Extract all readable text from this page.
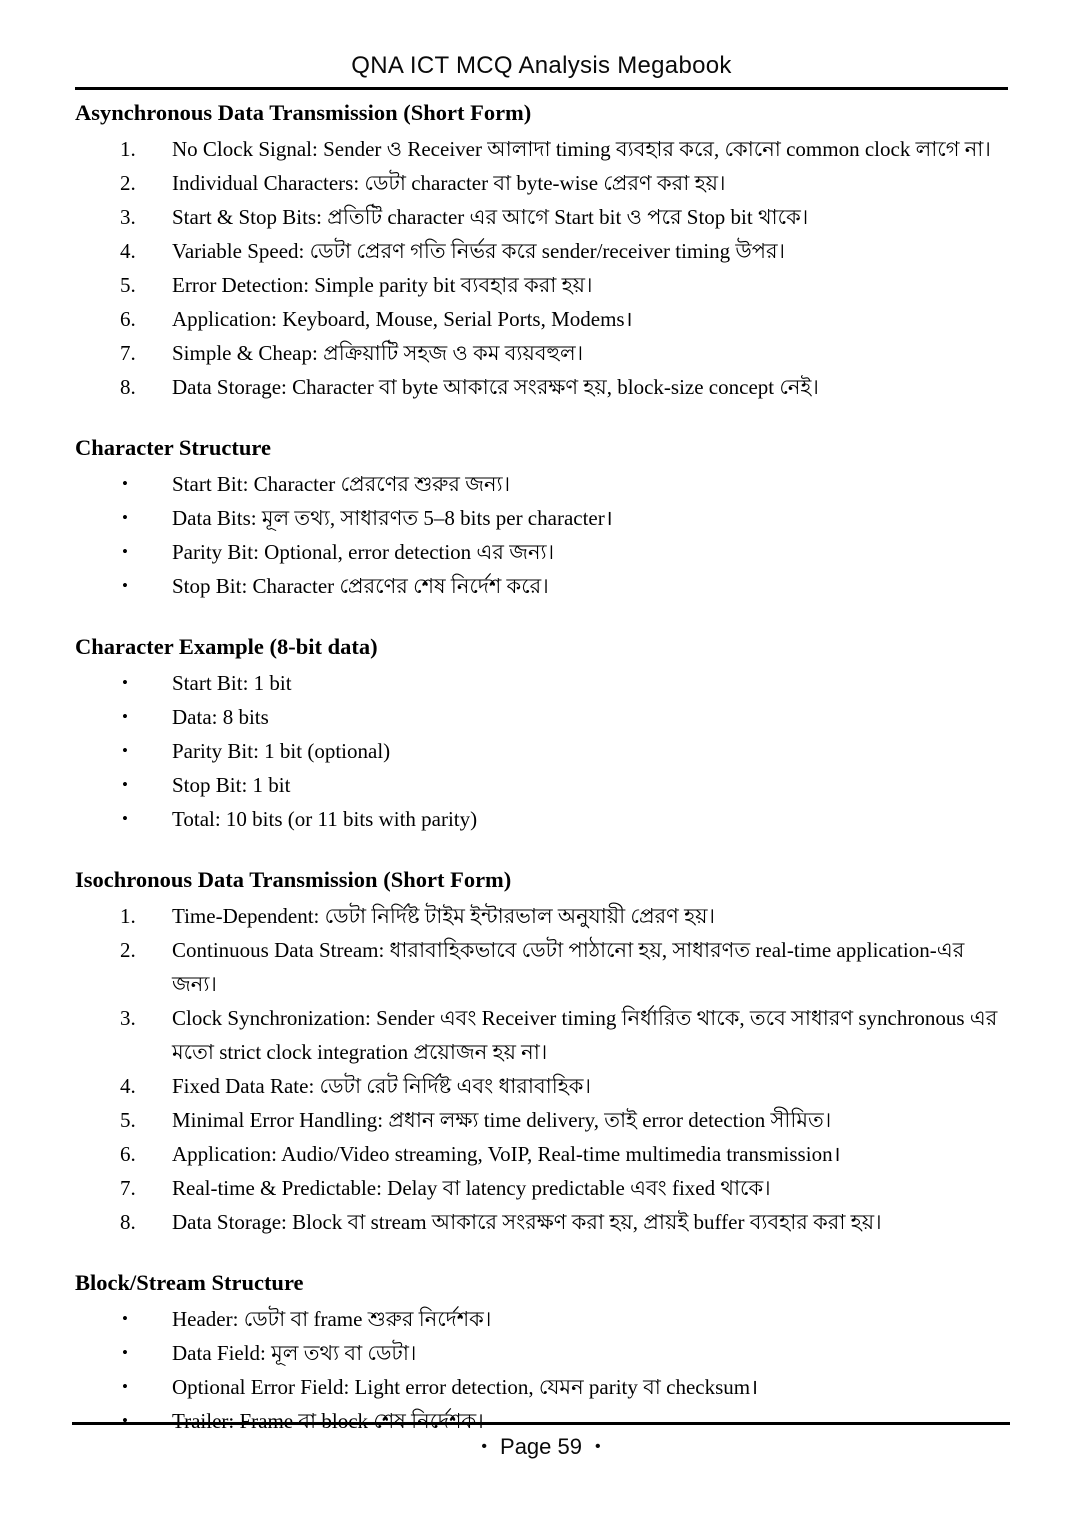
QNA ICT MCQ Analysis Megabook
Asynchronous Data Transmission (Short Form)
1.	No Clock Signal: Sender ও Receiver আলাদা timing ব্যবহার করে, কোনো common clock লাগে না।
2.	Individual Characters: ডেটা character বা byte-wise প্রেরণ করা হয়।
3.	Start & Stop Bits: প্রতিটি character এর আগে Start bit ও পরে Stop bit থাকে।
4.	Variable Speed: ডেটা প্রেরণ গতি নির্ভর করে sender/receiver timing উপর।
5.	Error Detection: Simple parity bit ব্যবহার করা হয়।
6.	Application: Keyboard, Mouse, Serial Ports, Modems।
7.	Simple & Cheap: প্রক্রিয়াটি সহজ ও কম ব্যয়বহুল।
8.	Data Storage: Character বা byte আকারে সংরক্ষণ হয়, block-size concept নেই।
Character Structure
•	Start Bit: Character প্রেরণের শুরুর জন্য।
•	Data Bits: মূল তথ্য, সাধারণত 5–8 bits per character।
•	Parity Bit: Optional, error detection এর জন্য।
•	Stop Bit: Character প্রেরণের শেষ নির্দেশ করে।
Character Example (8-bit data)
•	Start Bit: 1 bit
•	Data: 8 bits
•	Parity Bit: 1 bit (optional)
•	Stop Bit: 1 bit
•	Total: 10 bits (or 11 bits with parity)
Isochronous Data Transmission (Short Form)
1.	Time-Dependent: ডেটা নির্দিষ্ট টাইম ইন্টারভাল অনুযায়ী প্রেরণ হয়।
2.	Continuous Data Stream: ধারাবাহিকভাবে ডেটা পাঠানো হয়, সাধারণত real-time application-এর জন্য।
3.	Clock Synchronization: Sender এবং Receiver timing নির্ধারিত থাকে, তবে সাধারণ synchronous এর মতো strict clock integration প্রয়োজন হয় না।
4.	Fixed Data Rate: ডেটা রেট নির্দিষ্ট এবং ধারাবাহিক।
5.	Minimal Error Handling: প্রধান লক্ষ্য time delivery, তাই error detection সীমিত।
6.	Application: Audio/Video streaming, VoIP, Real-time multimedia transmission।
7.	Real-time & Predictable: Delay বা latency predictable এবং fixed থাকে।
8.	Data Storage: Block বা stream আকারে সংরক্ষণ করা হয়, প্রায়ই buffer ব্যবহার করা হয়।
Block/Stream Structure
•	Header: ডেটা বা frame শুরুর নির্দেশক।
•	Data Field: মূল তথ্য বা ডেটা।
•	Optional Error Field: Light error detection, যেমন parity বা checksum।
•	Trailer: Frame বা block শেষ নির্দেশক।
• Page 59 •
